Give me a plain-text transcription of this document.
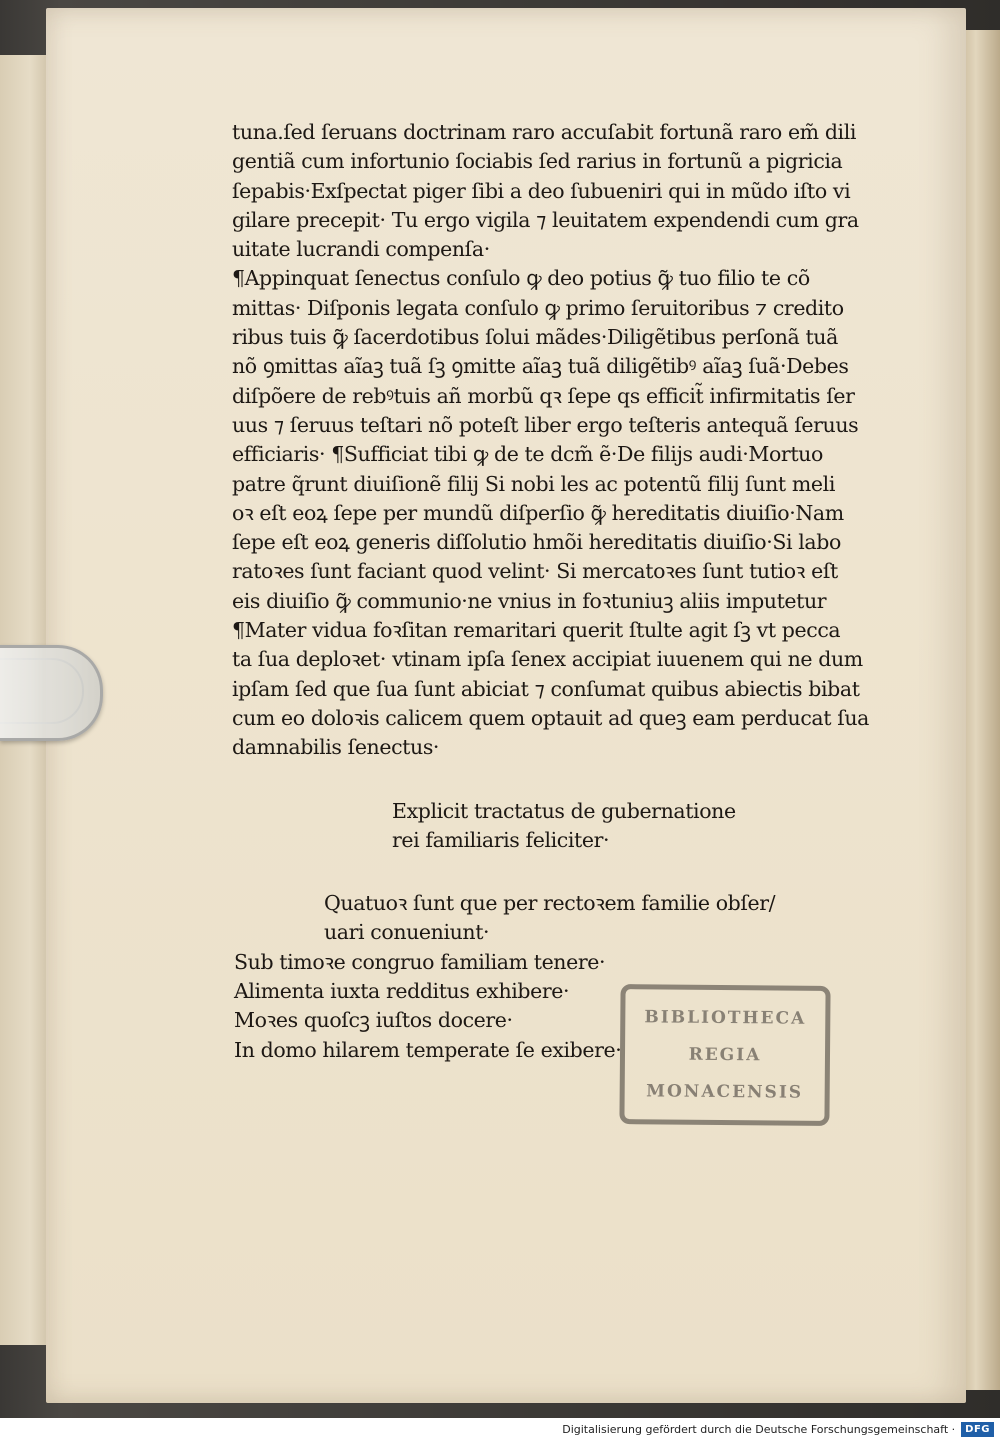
tuna.ſed ſeruans doctrinam raro accuſabit fortunã raro em̃ dili
gentiã cum infortunio ſociabis ſed rarius in fortunũ a pigricia
ſepabis·Exſpectat piger ſibi a deo ſubueniri qui in mũdo iſto vi
gilare precepit· Tu ergo vigila ⁊ leuitatem expendendi cum gra
uitate lucrandi compenſa·
¶Appinquat ſenectus conſulo ꝙ deo potius ꝙ̃ tuo filio te cõ
mittas· Diſponis legata conſulo ꝙ primo ſeruitoribus ⁊ credito
ribus tuis ꝙ̃ ſacerdotibus ſolui mãdes·Diligẽtibus perſonã tuã
nõ ꝯmittas aĩaꝫ tuã ſꝫ ꝯmitte aĩaꝫ tuã diligẽtibꝰ aĩaꝫ ſuã·Debes
diſpõere de rebꝰtuis añ morbũ qꝛ ſepe qs efficit̃ infirmitatis ſer
uus ⁊ ſeruus teſtari nõ poteſt liber ergo teſteris antequã ſeruus
efficiaris· ¶Sufficiat tibi ꝙ de te dcm̃ ẽ·De filijs audi·Mortuo
patre q̃runt diuiſionẽ filij Si nobi les ac potentũ filij ſunt meli
oꝛ eſt eoꝝ ſepe per mundũ diſperſio ꝙ̃ hereditatis diuiſio·Nam
ſepe eſt eoꝝ generis diſſolutio hmõi hereditatis diuiſio·Si labo
ratoꝛes ſunt faciant quod velint· Si mercatoꝛes ſunt tutioꝛ eſt
eis diuiſio ꝙ̃ communio·ne vnius in foꝛtuniuꝫ aliis imputetur
¶Mater vidua foꝛſitan remaritari querit ſtulte agit ſꝫ vt pecca
ta ſua deploꝛet· vtinam ipſa ſenex accipiat iuuenem qui ne dum
ipſam ſed que ſua ſunt abiciat ⁊ conſumat quibus abiectis bibat
cum eo doloꝛis calicem quem optauit ad queꝫ eam perducat ſua
damnabilis ſenectus·
Explicit tractatus de gubernatione
rei familiaris feliciter·
Quatuoꝛ ſunt que per rectoꝛem familie obſer/
uari conueniunt·
Sub timoꝛe congruo familiam tenere·
Alimenta iuxta redditus exhibere·
Moꝛes quoſcꝫ iuſtos docere·
In domo hilarem temperate ſe exibere·
BIBLIOTHECA
REGIA
MONACENSIS
Digitalisierung gefördert durch die Deutsche Forschungsgemeinschaft ·	DFG
